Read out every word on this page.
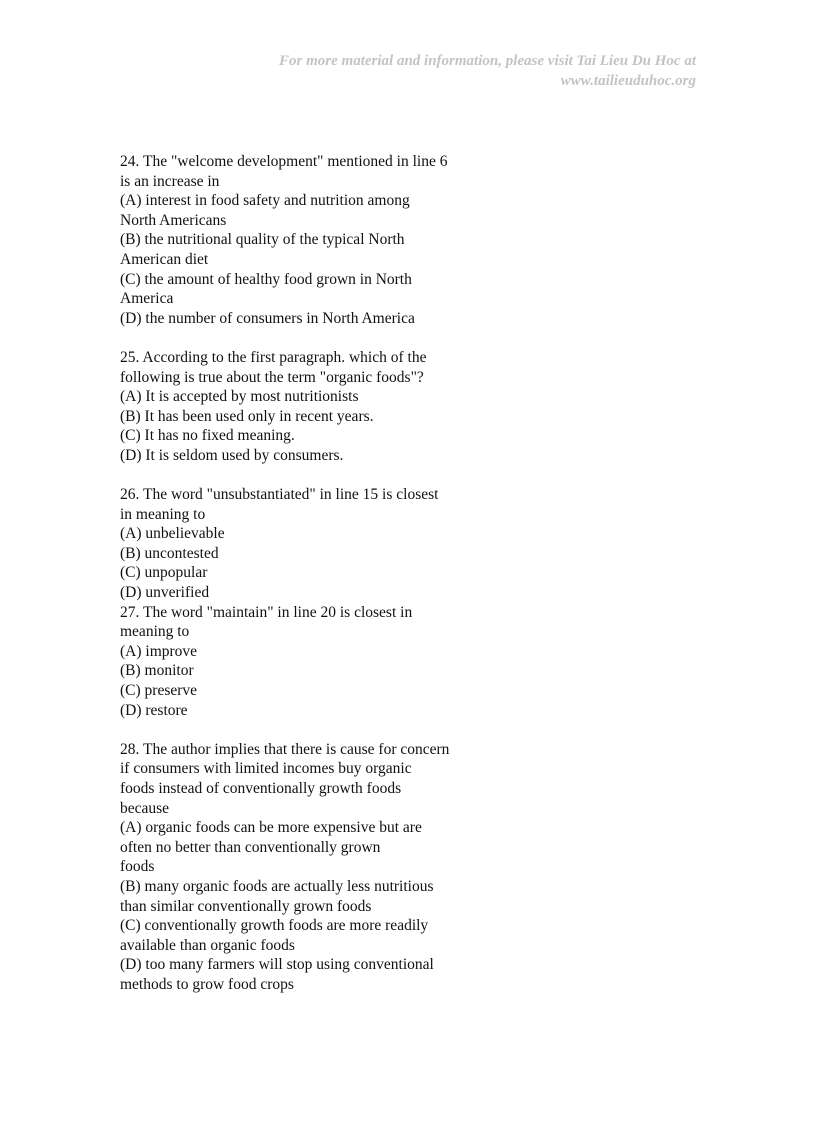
For more material and information, please visit Tai Lieu Du Hoc at
www.tailieuduhoc.org
24. The "welcome development" mentioned in line 6
is an increase in
(A) interest in food safety and nutrition among
North Americans
(B) the nutritional quality of the typical North
American diet
(C) the amount of healthy food grown in North
America
(D) the number of consumers in North America
25. According to the first paragraph. which of the
following is true about the term "organic foods"?
(A) It is accepted by most nutritionists
(B) It has been used only in recent years.
(C) It has no fixed meaning.
(D) It is seldom used by consumers.
26. The word "unsubstantiated" in line 15 is closest
in meaning to
(A) unbelievable
(B) uncontested
(C) unpopular
(D) unverified
27. The word "maintain" in line 20 is closest in
meaning to
(A) improve
(B) monitor
(C) preserve
(D) restore
28. The author implies that there is cause for concern
if consumers with limited incomes buy organic
foods instead of conventionally growth foods
because
(A) organic foods can be more expensive but are
often no better than conventionally grown
foods
(B) many organic foods are actually less nutritious
than similar conventionally grown foods
(C) conventionally growth foods are more readily
available than organic foods
(D) too many farmers will stop using conventional
methods to grow food crops
